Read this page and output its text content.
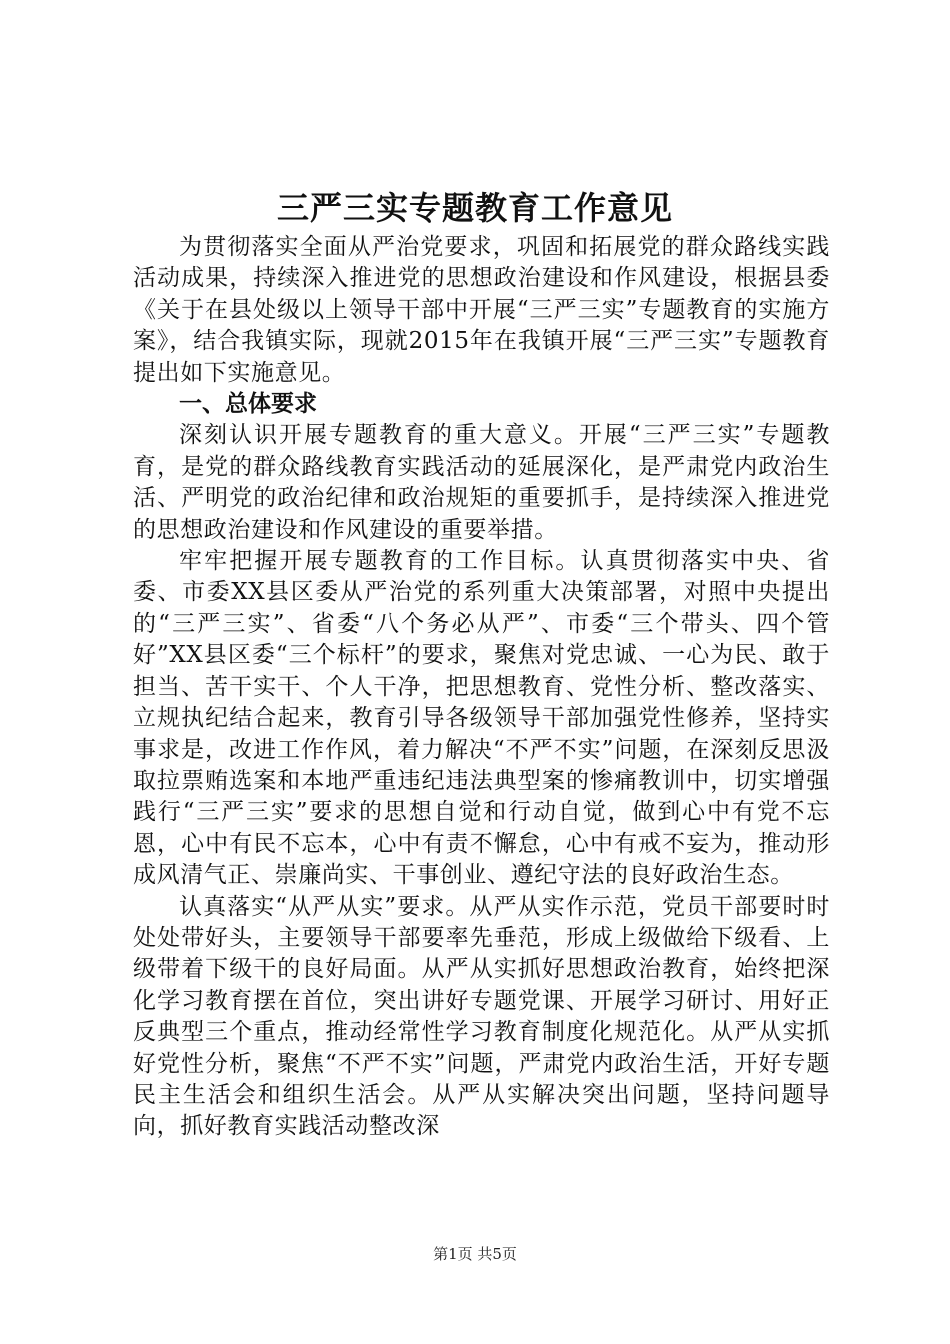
三严三实专题教育工作意见

为贯彻落实全面从严治党要求，巩固和拓展党的群众路线实践活动成果，持续深入推进党的思想政治建设和作风建设，根据县委《关于在县处级以上领导干部中开展“三严三实”专题教育的实施方案》，结合我镇实际，现就2015年在我镇开展“三严三实”专题教育提出如下实施意见。

一、总体要求

深刻认识开展专题教育的重大意义。开展“三严三实”专题教育，是党的群众路线教育实践活动的延展深化，是严肃党内政治生活、严明党的政治纪律和政治规矩的重要抓手，是持续深入推进党的思想政治建设和作风建设的重要举措。

牢牢把握开展专题教育的工作目标。认真贯彻落实中央、省委、市委XX县区委从严治党的系列重大决策部署，对照中央提出的“三严三实”、省委“八个务必从严”、市委“三个带头、四个管好”XX县区委“三个标杆”的要求，聚焦对党忠诚、一心为民、敢于担当、苦干实干、个人干净，把思想教育、党性分析、整改落实、立规执纪结合起来，教育引导各级领导干部加强党性修养，坚持实事求是，改进工作作风，着力解决“不严不实”问题，在深刻反思汲取拉票贿选案和本地严重违纪违法典型案的惨痛教训中，切实增强践行“三严三实”要求的思想自觉和行动自觉，做到心中有党不忘恩，心中有民不忘本，心中有责不懈怠，心中有戒不妄为，推动形成风清气正、崇廉尚实、干事创业、遵纪守法的良好政治生态。

认真落实“从严从实”要求。从严从实作示范，党员干部要时时处处带好头，主要领导干部要率先垂范，形成上级做给下级看、上级带着下级干的良好局面。从严从实抓好思想政治教育，始终把深化学习教育摆在首位，突出讲好专题党课、开展学习研讨、用好正反典型三个重点，推动经常性学习教育制度化规范化。从严从实抓好党性分析，聚焦“不严不实”问题，严肃党内政治生活，开好专题民主生活会和组织生活会。从严从实解决突出问题，坚持问题导向，抓好教育实践活动整改深

第1页 共5页
